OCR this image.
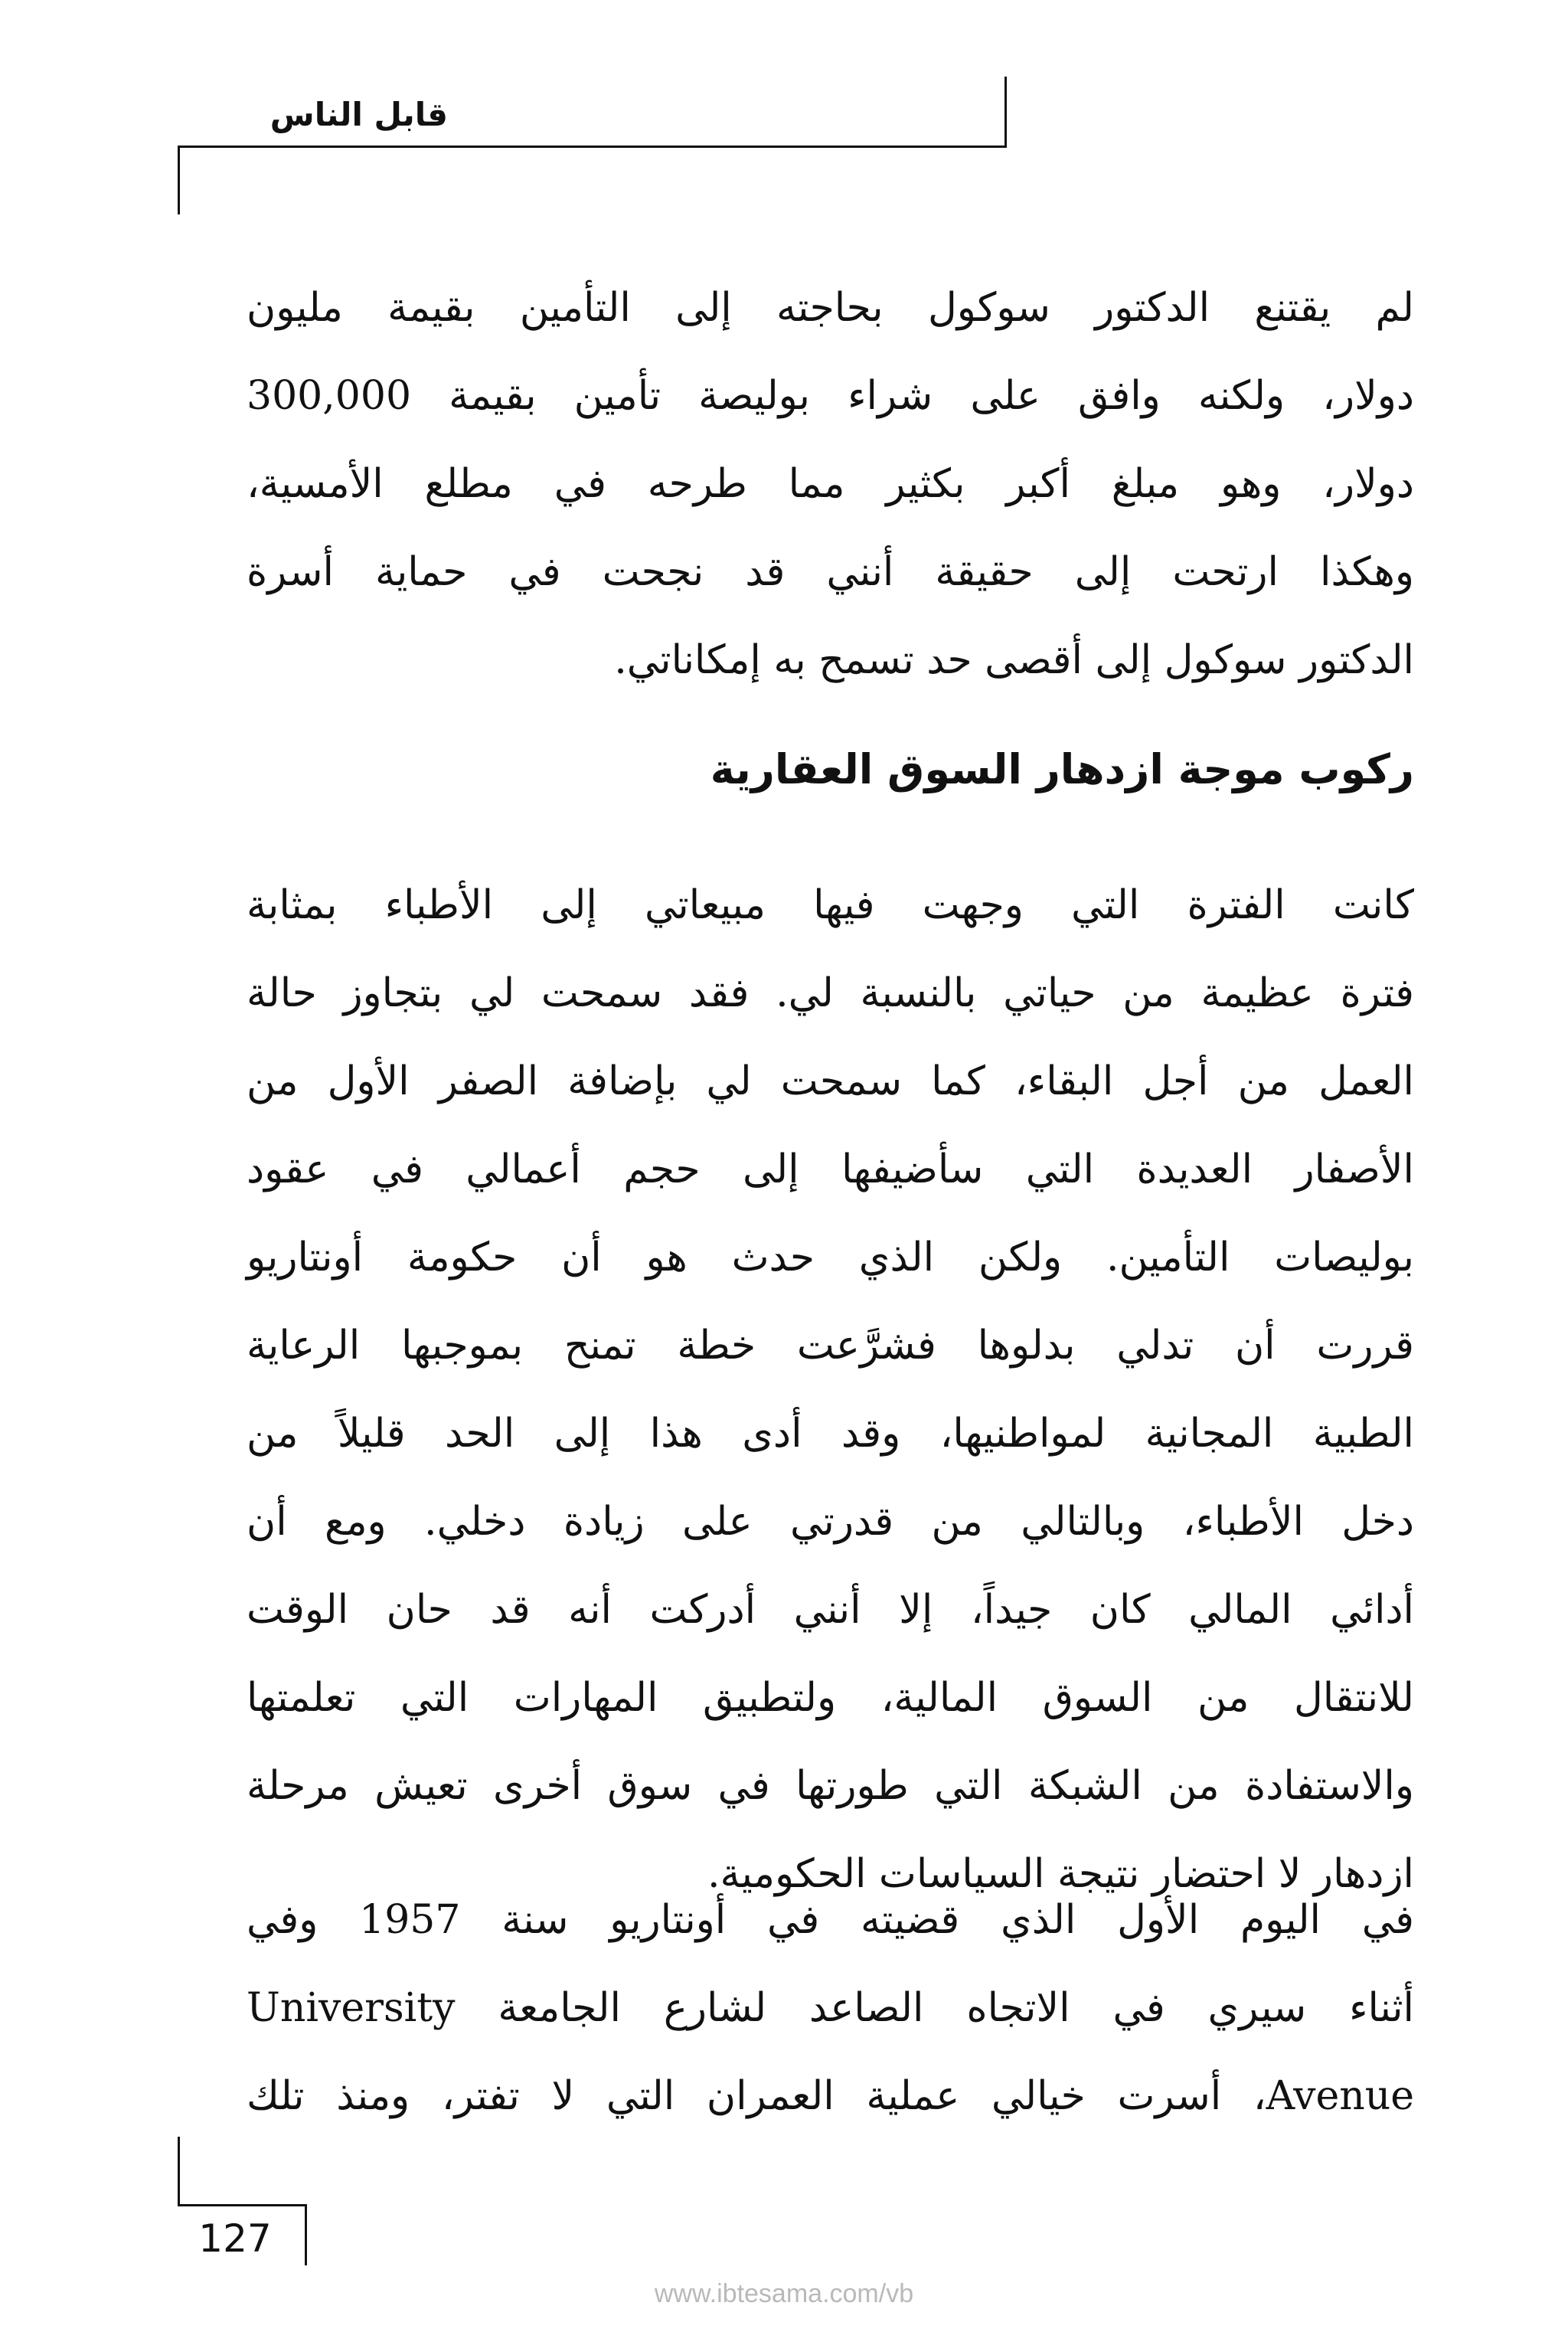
قابل الناس
لم يقتنع الدكتور سوكول بحاجته إلى التأمين بقيمة مليون
دولار، ولكنه وافق على شراء بوليصة تأمين بقيمة 300,000
دولار، وهو مبلغ أكبر بكثير مما طرحه في مطلع الأمسية،
وهكذا ارتحت إلى حقيقة أنني قد نجحت في حماية أسرة
الدكتور سوكول إلى أقصى حد تسمح به إمكاناتي.
ركوب موجة ازدهار السوق العقارية
كانت الفترة التي وجهت فيها مبيعاتي إلى الأطباء بمثابة
فترة عظيمة من حياتي بالنسبة لي. فقد سمحت لي بتجاوز حالة
العمل من أجل البقاء، كما سمحت لي بإضافة الصفر الأول من
الأصفار العديدة التي سأضيفها إلى حجم أعمالي في عقود
بوليصات التأمين. ولكن الذي حدث هو أن حكومة أونتاريو
قررت أن تدلي بدلوها فشرَّعت خطة تمنح بموجبها الرعاية
الطبية المجانية لمواطنيها، وقد أدى هذا إلى الحد قليلاً من
دخل الأطباء، وبالتالي من قدرتي على زيادة دخلي. ومع أن
أدائي المالي كان جيداً، إلا أنني أدركت أنه قد حان الوقت
للانتقال من السوق المالية، ولتطبيق المهارات التي تعلمتها
والاستفادة من الشبكة التي طورتها في سوق أخرى تعيش مرحلة
ازدهار لا احتضار نتيجة السياسات الحكومية.
في اليوم الأول الذي قضيته في أونتاريو سنة 1957 وفي
أثناء سيري في الاتجاه الصاعد لشارع الجامعة University
Avenue، أسرت خيالي عملية العمران التي لا تفتر، ومنذ تلك
127
www.ibtesama.com/vb
